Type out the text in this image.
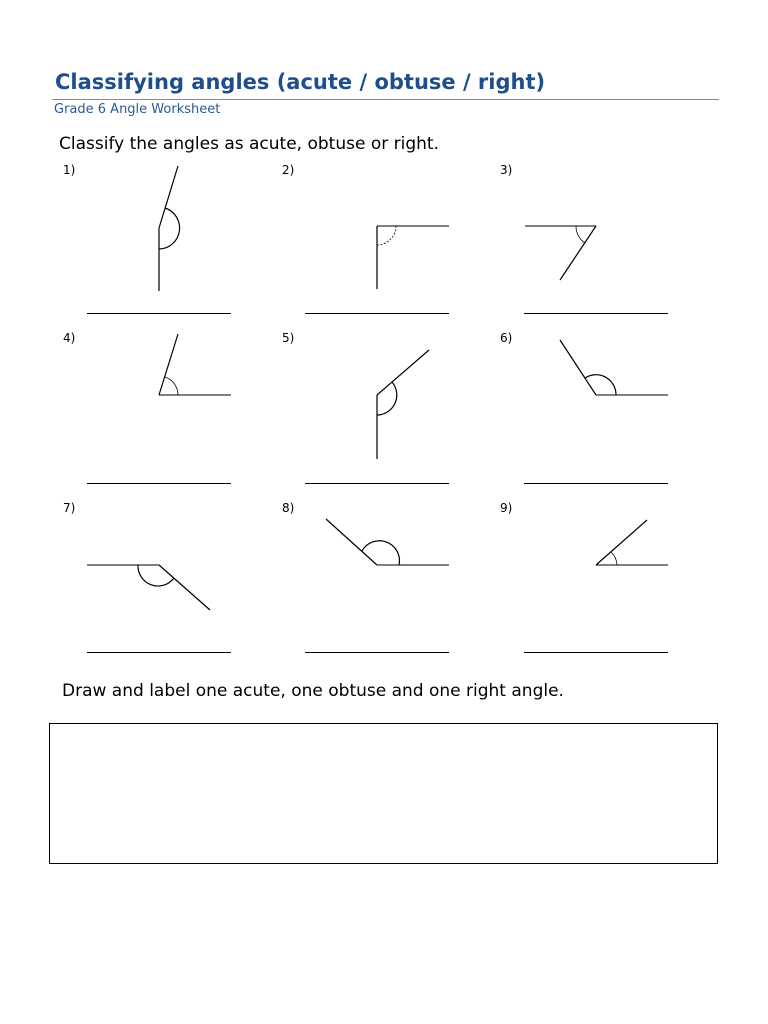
Classifying angles (acute / obtuse / right)
Grade 6 Angle Worksheet
Classify the angles as acute, obtuse or right.
1)	2)	3)
4)	5)	6)
7)	8)	9)
Draw and label one acute, one obtuse and one right angle.
